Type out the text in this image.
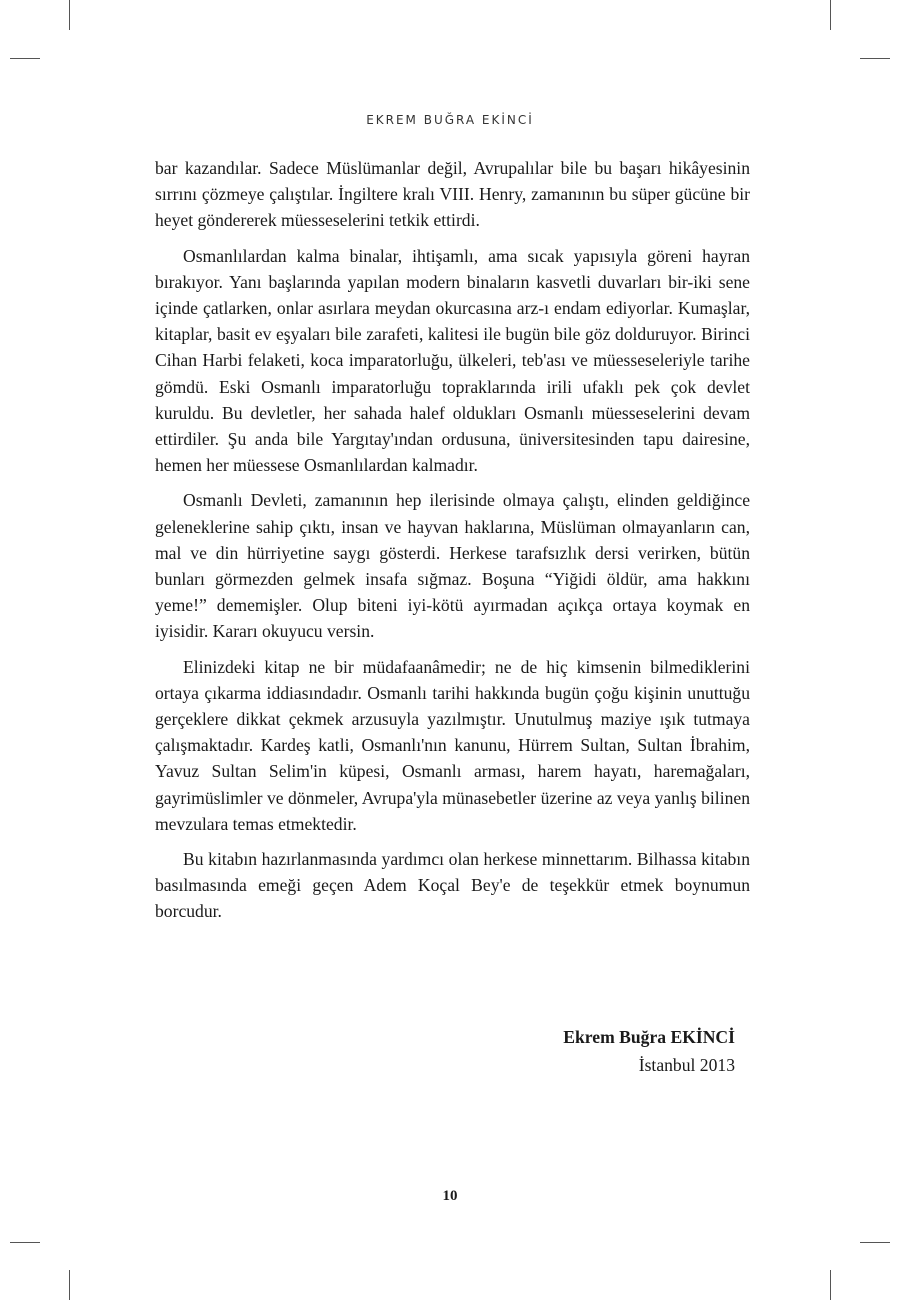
EKREM BUĞRA EKİNCİ

bar kazandılar. Sadece Müslümanlar değil, Avrupalılar bile bu başarı hikâyesinin sırrını çözmeye çalıştılar. İngiltere kralı VIII. Henry, zamanının bu süper gücüne bir heyet göndererek müesseselerini tetkik ettirdi.

Osmanlılardan kalma binalar, ihtişamlı, ama sıcak yapısıyla göreni hayran bırakıyor. Yanı başlarında yapılan modern binaların kasvetli duvarları bir-iki sene içinde çatlarken, onlar asırlara meydan okurcasına arz-ı endam ediyorlar. Kumaşlar, kitaplar, basit ev eşyaları bile zarafeti, kalitesi ile bugün bile göz dolduruyor. Birinci Cihan Harbi felaketi, koca imparatorluğu, ülkeleri, teb'ası ve müesseseleriyle tarihe gömdü. Eski Osmanlı imparatorluğu topraklarında irili ufaklı pek çok devlet kuruldu. Bu devletler, her sahada halef oldukları Osmanlı müesseselerini devam ettirdiler. Şu anda bile Yargıtay'ından ordusuna, üniversitesinden tapu dairesine, hemen her müessese Osmanlılardan kalmadır.

Osmanlı Devleti, zamanının hep ilerisinde olmaya çalıştı, elinden geldiğince geleneklerine sahip çıktı, insan ve hayvan haklarına, Müslüman olmayanların can, mal ve din hürriyetine saygı gösterdi. Herkese tarafsızlık dersi verirken, bütün bunları görmezden gelmek insafa sığmaz. Boşuna “Yiğidi öldür, ama hakkını yeme!” dememişler. Olup biteni iyi-kötü ayırmadan açıkça ortaya koymak en iyisidir. Kararı okuyucu versin.

Elinizdeki kitap ne bir müdafaanâmedir; ne de hiç kimsenin bilmediklerini ortaya çıkarma iddiasındadır. Osmanlı tarihi hakkında bugün çoğu kişinin unuttuğu gerçeklere dikkat çekmek arzusuyla yazılmıştır. Unutulmuş maziye ışık tutmaya çalışmaktadır. Kardeş katli, Osmanlı'nın kanunu, Hürrem Sultan, Sultan İbrahim, Yavuz Sultan Selim'in küpesi, Osmanlı arması, harem hayatı, haremağaları, gayrimüslimler ve dönmeler, Avrupa'yla münasebetler üzerine az veya yanlış bilinen mevzulara temas etmektedir.

Bu kitabın hazırlanmasında yardımcı olan herkese minnettarım. Bilhassa kitabın basılmasında emeği geçen Adem Koçal Bey'e de teşekkür etmek boynumun borcudur.

Ekrem Buğra EKİNCİ
İstanbul 2013
10
